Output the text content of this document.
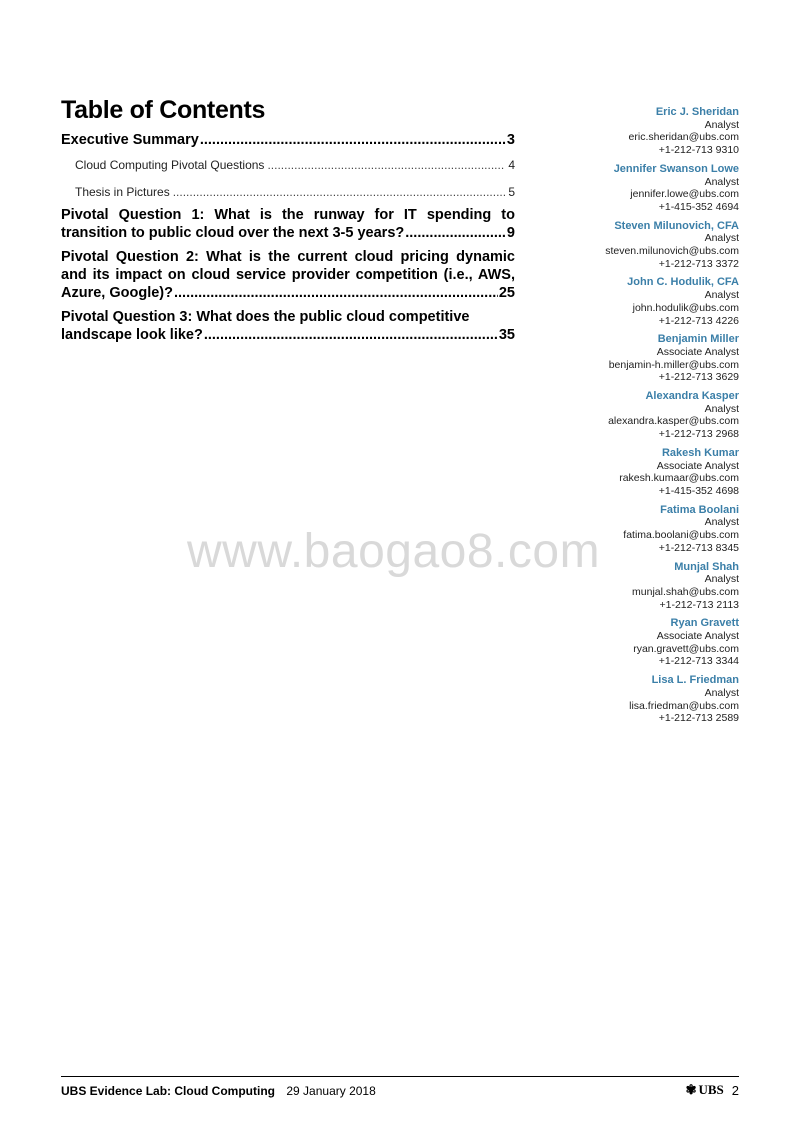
Table of Contents
Executive Summary .....	3
Cloud Computing Pivotal Questions .....	4
Thesis in Pictures .....	5
Pivotal Question 1: What is the runway for IT spending to
transition to public cloud over the next 3-5 years? .....	9
Pivotal Question 2: What is the current cloud pricing dynamic
and its impact on cloud service provider competition (i.e., AWS,
Azure, Google)? .....	25
Pivotal Question 3: What does the public cloud competitive
landscape look like? .....	35
Eric J. Sheridan
Analyst
eric.sheridan@ubs.com
+1-212-713 9310
Jennifer Swanson Lowe
Analyst
jennifer.lowe@ubs.com
+1-415-352 4694
Steven Milunovich, CFA
Analyst
steven.milunovich@ubs.com
+1-212-713 3372
John C. Hodulik, CFA
Analyst
john.hodulik@ubs.com
+1-212-713 4226
Benjamin Miller
Associate Analyst
benjamin-h.miller@ubs.com
+1-212-713 3629
Alexandra Kasper
Analyst
alexandra.kasper@ubs.com
+1-212-713 2968
Rakesh Kumar
Associate Analyst
rakesh.kumaar@ubs.com
+1-415-352 4698
Fatima Boolani
Analyst
fatima.boolani@ubs.com
+1-212-713 8345
Munjal Shah
Analyst
munjal.shah@ubs.com
+1-212-713 2113
Ryan Gravett
Associate Analyst
ryan.gravett@ubs.com
+1-212-713 3344
Lisa L. Friedman
Analyst
lisa.friedman@ubs.com
+1-212-713 2589
www.baogao8.com
UBS Evidence Lab: Cloud Computing 29 January 2018	✾ UBS 2
